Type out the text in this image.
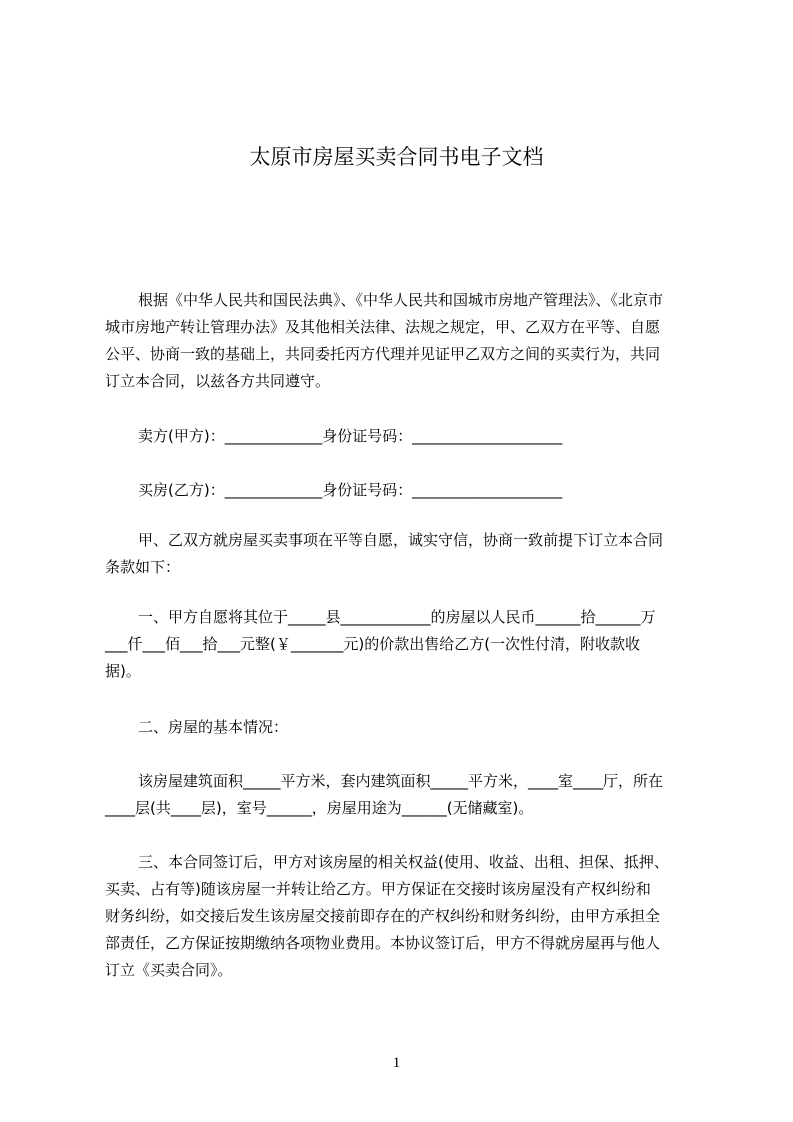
太原市房屋买卖合同书电子文档
根据《中华人民共和国民法典》、《中华人民共和国城市房地产管理法》、《北京市
城市房地产转让管理办法》及其他相关法律、法规之规定，甲、乙双方在平等、自愿
公平、协商一致的基础上，共同委托丙方代理并见证甲乙双方之间的买卖行为，共同
订立本合同，以兹各方共同遵守。
卖方(甲方)：_____________身份证号码：____________________
买房(乙方)：_____________身份证号码：____________________
甲、乙双方就房屋买卖事项在平等自愿，诚实守信，协商一致前提下订立本合同
条款如下：
一、甲方自愿将其位于_____县____________的房屋以人民币______拾______万
___仟___佰___拾___元整(￥_______元)的价款出售给乙方(一次性付清，附收款收
据)。
二、房屋的基本情况：
该房屋建筑面积_____平方米，套内建筑面积_____平方米，____室____厅，所在
____层(共____层)，室号______，房屋用途为______(无储藏室)。
三、本合同签订后，甲方对该房屋的相关权益(使用、收益、出租、担保、抵押、
买卖、占有等)随该房屋一并转让给乙方。甲方保证在交接时该房屋没有产权纠纷和
财务纠纷，如交接后发生该房屋交接前即存在的产权纠纷和财务纠纷，由甲方承担全
部责任，乙方保证按期缴纳各项物业费用。本协议签订后，甲方不得就房屋再与他人
订立《买卖合同》。
1
